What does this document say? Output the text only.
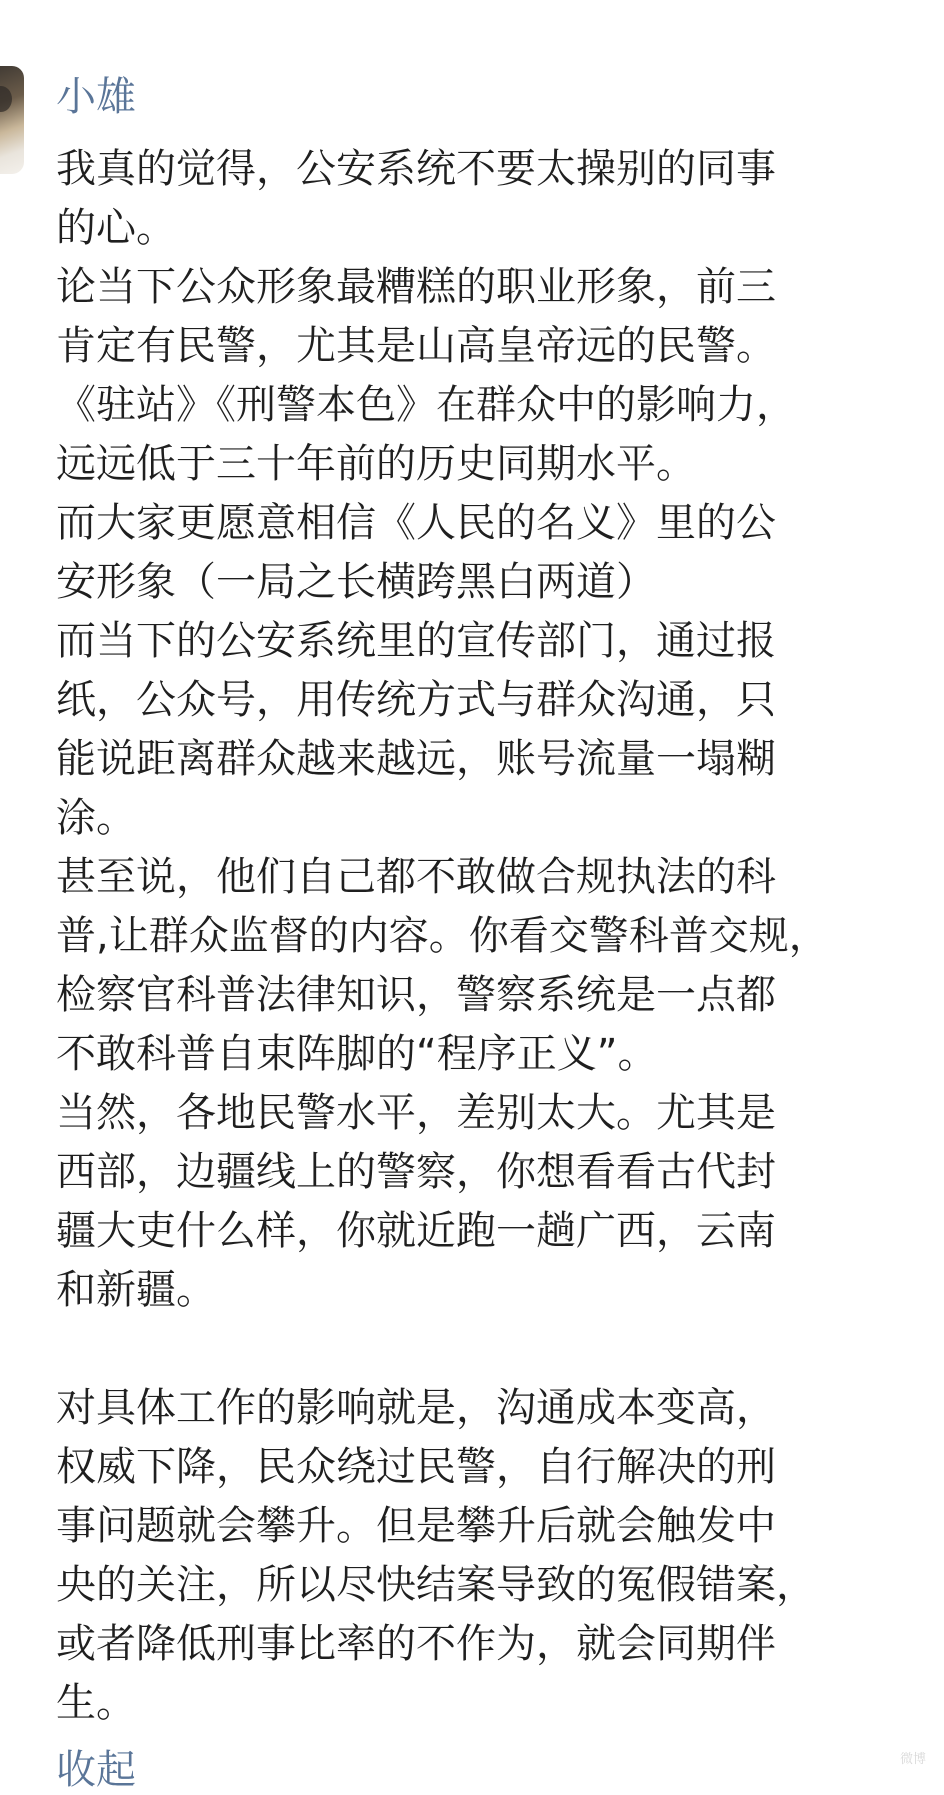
小雄

我真的觉得，公安系统不要太操别的同事

的心。

论当下公众形象最糟糕的职业形象，前三

肯定有民警，尤其是山高皇帝远的民警。

《驻站》《刑警本色》在群众中的影响力，

远远低于三十年前的历史同期水平。

而大家更愿意相信《人民的名义》里的公

安形象（一局之长横跨黑白两道）

而当下的公安系统里的宣传部门，通过报

纸，公众号，用传统方式与群众沟通，只

能说距离群众越来越远，账号流量一塌糊

涂。

甚至说，他们自己都不敢做合规执法的科

普,让群众监督的内容。你看交警科普交规，

检察官科普法律知识，警察系统是一点都

不敢科普自束阵脚的“程序正义”。

当然，各地民警水平，差别太大。尤其是

西部，边疆线上的警察，你想看看古代封

疆大吏什么样，你就近跑一趟广西，云南

和新疆。

对具体工作的影响就是，沟通成本变高，

权威下降，民众绕过民警，自行解决的刑

事问题就会攀升。但是攀升后就会触发中

央的关注，所以尽快结案导致的冤假错案，

或者降低刑事比率的不作为，就会同期伴

生。

收起	微博
